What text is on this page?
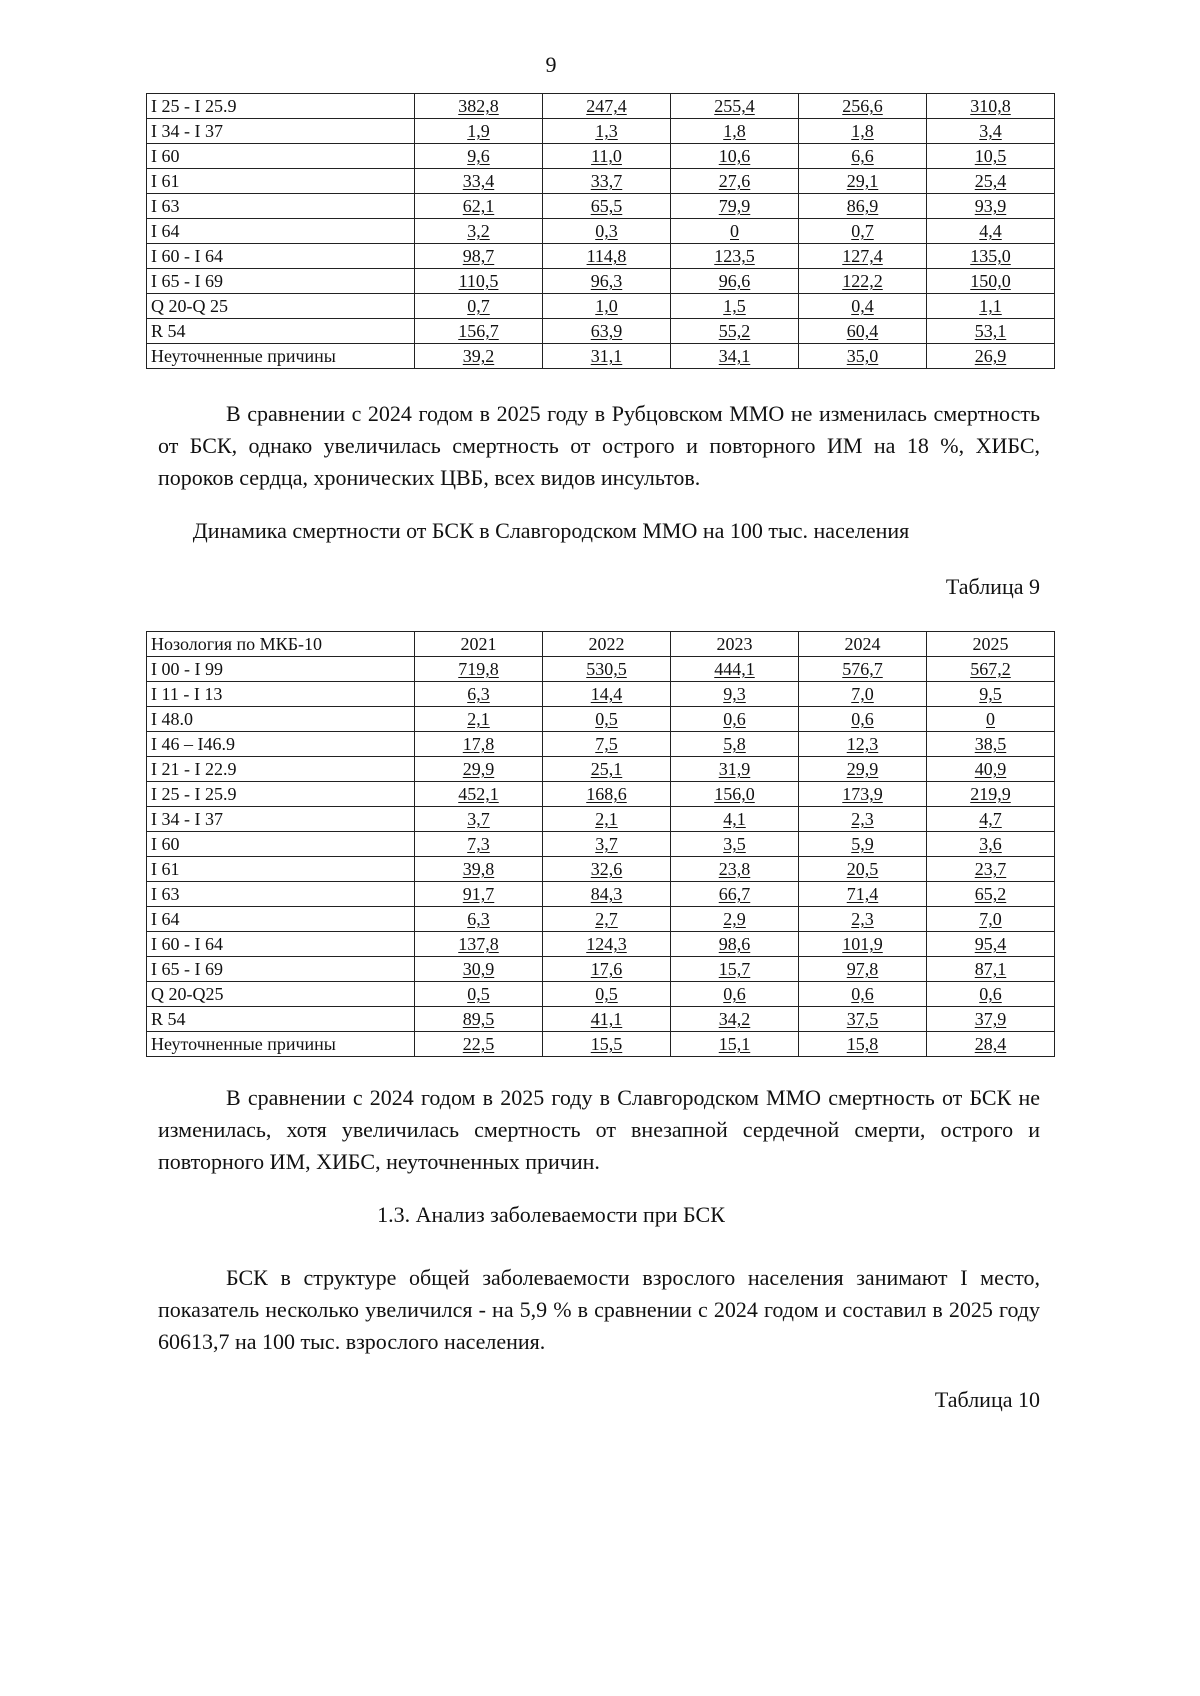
9
I 25 - I 25.9	382,8	247,4	255,4	256,6	310,8
I 34 - I 37	1,9	1,3	1,8	1,8	3,4
I 60	9,6	11,0	10,6	6,6	10,5
I 61	33,4	33,7	27,6	29,1	25,4
I 63	62,1	65,5	79,9	86,9	93,9
I 64	3,2	0,3	0	0,7	4,4
I 60 - I 64	98,7	114,8	123,5	127,4	135,0
I 65 - I 69	110,5	96,3	96,6	122,2	150,0
Q 20-Q 25	0,7	1,0	1,5	0,4	1,1
R 54	156,7	63,9	55,2	60,4	53,1
Неуточненные причины	39,2	31,1	34,1	35,0	26,9

В сравнении с 2024 годом в 2025 году в Рубцовском ММО не изменилась смертность от БСК, однако увеличилась смертность от острого и повторного ИМ на 18 %, ХИБС, пороков сердца, хронических ЦВБ, всех видов инсультов.

Динамика смертности от БСК в Славгородском ММО на 100 тыс. населения

Таблица 9

Нозология по МКБ-10	2021	2022	2023	2024	2025
I 00 - I 99	719,8	530,5	444,1	576,7	567,2
I 11 - I 13	6,3	14,4	9,3	7,0	9,5
I 48.0	2,1	0,5	0,6	0,6	0
I 46 – I46.9	17,8	7,5	5,8	12,3	38,5
I 21 - I 22.9	29,9	25,1	31,9	29,9	40,9
I 25 - I 25.9	452,1	168,6	156,0	173,9	219,9
I 34 - I 37	3,7	2,1	4,1	2,3	4,7
I 60	7,3	3,7	3,5	5,9	3,6
I 61	39,8	32,6	23,8	20,5	23,7
I 63	91,7	84,3	66,7	71,4	65,2
I 64	6,3	2,7	2,9	2,3	7,0
I 60 - I 64	137,8	124,3	98,6	101,9	95,4
I 65 - I 69	30,9	17,6	15,7	97,8	87,1
Q 20-Q25	0,5	0,5	0,6	0,6	0,6
R 54	89,5	41,1	34,2	37,5	37,9
Неуточненные причины	22,5	15,5	15,1	15,8	28,4

В сравнении с 2024 годом в 2025 году в Славгородском ММО смертность от БСК не изменилась, хотя увеличилась смертность от внезапной сердечной смерти, острого и повторного ИМ, ХИБС, неуточненных причин.

1.3. Анализ заболеваемости при БСК

БСК в структуре общей заболеваемости взрослого населения занимают I место, показатель несколько увеличился - на 5,9 % в сравнении с 2024 годом и составил в 2025 году 60613,7 на 100 тыс. взрослого населения.

Таблица 10
